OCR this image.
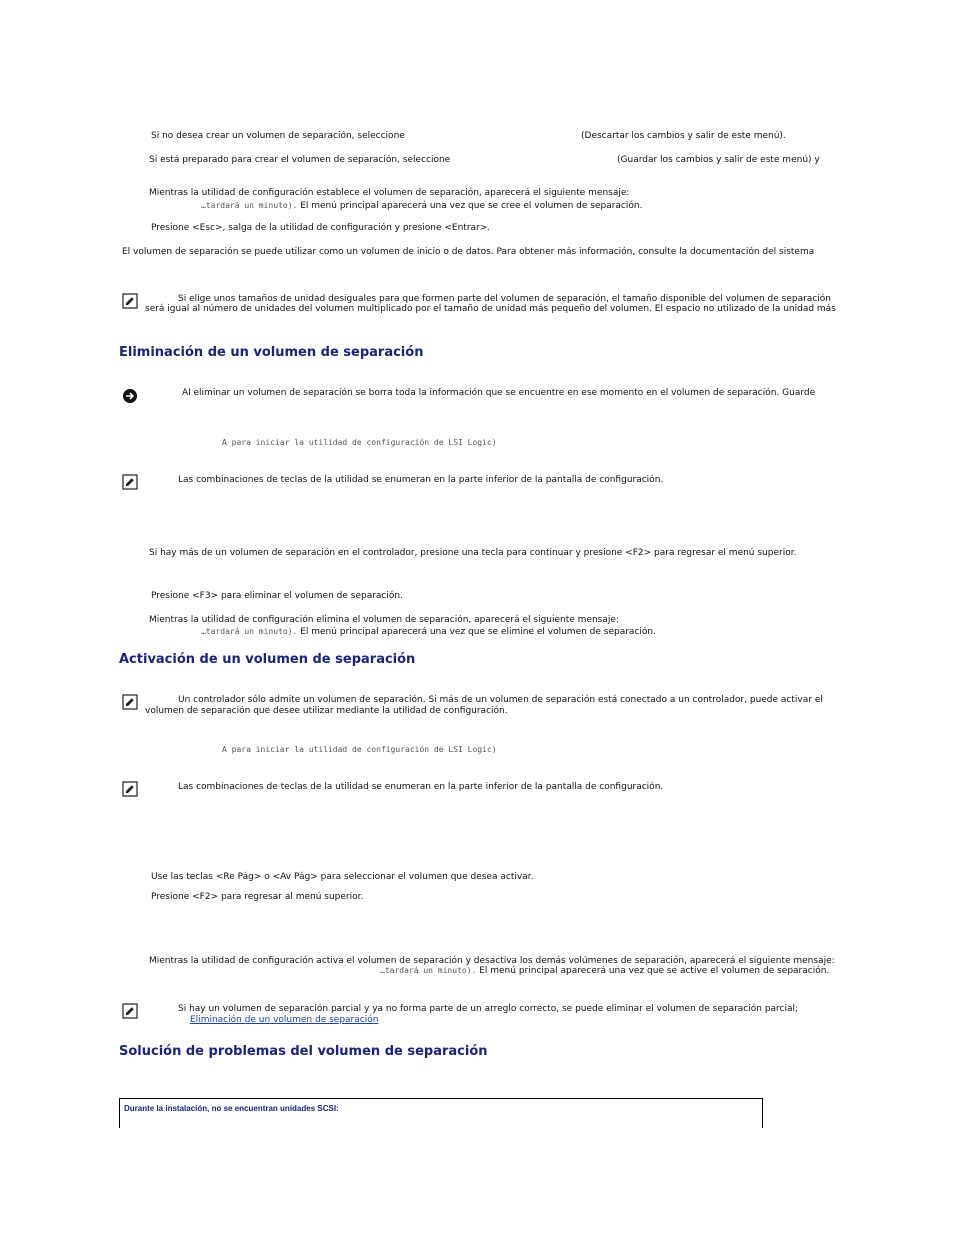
Si no desea crear un volumen de separación, seleccione	(Descartar los cambios y salir de este menú).

Si está preparado para crear el volumen de separación, seleccione	(Guardar los cambios y salir de este menú) y

Mientras la utilidad de configuración establece el volumen de separación, aparecerá el siguiente mensaje:

…tardará un minuto). El menú principal aparecerá una vez que se cree el volumen de separación.

Presione <Esc>, salga de la utilidad de configuración y presione <Entrar>.

El volumen de separación se puede utilizar como un volumen de inicio o de datos. Para obtener más información, consulte la documentación del sistema

Si elige unos tamaños de unidad desiguales para que formen parte del volumen de separación, el tamaño disponible del volumen de separación

será igual al número de unidades del volumen multiplicado por el tamaño de unidad más pequeño del volumen. El espacio no utilizado de la unidad más

Eliminación de un volumen de separación

Al eliminar un volumen de separación se borra toda la información que se encuentre en ese momento en el volumen de separación. Guarde

A para iniciar la utilidad de configuración de LSI Logic)

Las combinaciones de teclas de la utilidad se enumeran en la parte inferior de la pantalla de configuración.

Si hay más de un volumen de separación en el controlador, presione una tecla para continuar y presione <F2> para regresar el menú superior.

Presione <F3> para eliminar el volumen de separación.

Mientras la utilidad de configuración elimina el volumen de separación, aparecerá el siguiente mensaje:

…tardará un minuto). El menú principal aparecerá una vez que se elimine el volumen de separación.

Activación de un volumen de separación

Un controlador sólo admite un volumen de separación. Si más de un volumen de separación está conectado a un controlador, puede activar el

volumen de separación que desee utilizar mediante la utilidad de configuración.

A para iniciar la utilidad de configuración de LSI Logic)

Las combinaciones de teclas de la utilidad se enumeran en la parte inferior de la pantalla de configuración.

Use las teclas <Re Pág> o <Av Pág> para seleccionar el volumen que desea activar.

Presione <F2> para regresar al menú superior.

Mientras la utilidad de configuración activa el volumen de separación y desactiva los demás volúmenes de separación, aparecerá el siguiente mensaje:

…tardará un minuto). El menú principal aparecerá una vez que se active el volumen de separación.

Si hay un volumen de separación parcial y ya no forma parte de un arreglo correcto, se puede eliminar el volumen de separación parcial;

Eliminación de un volumen de separación
Solución de problemas del volumen de separación
Durante la instalación, no se encuentran unidades SCSI:
